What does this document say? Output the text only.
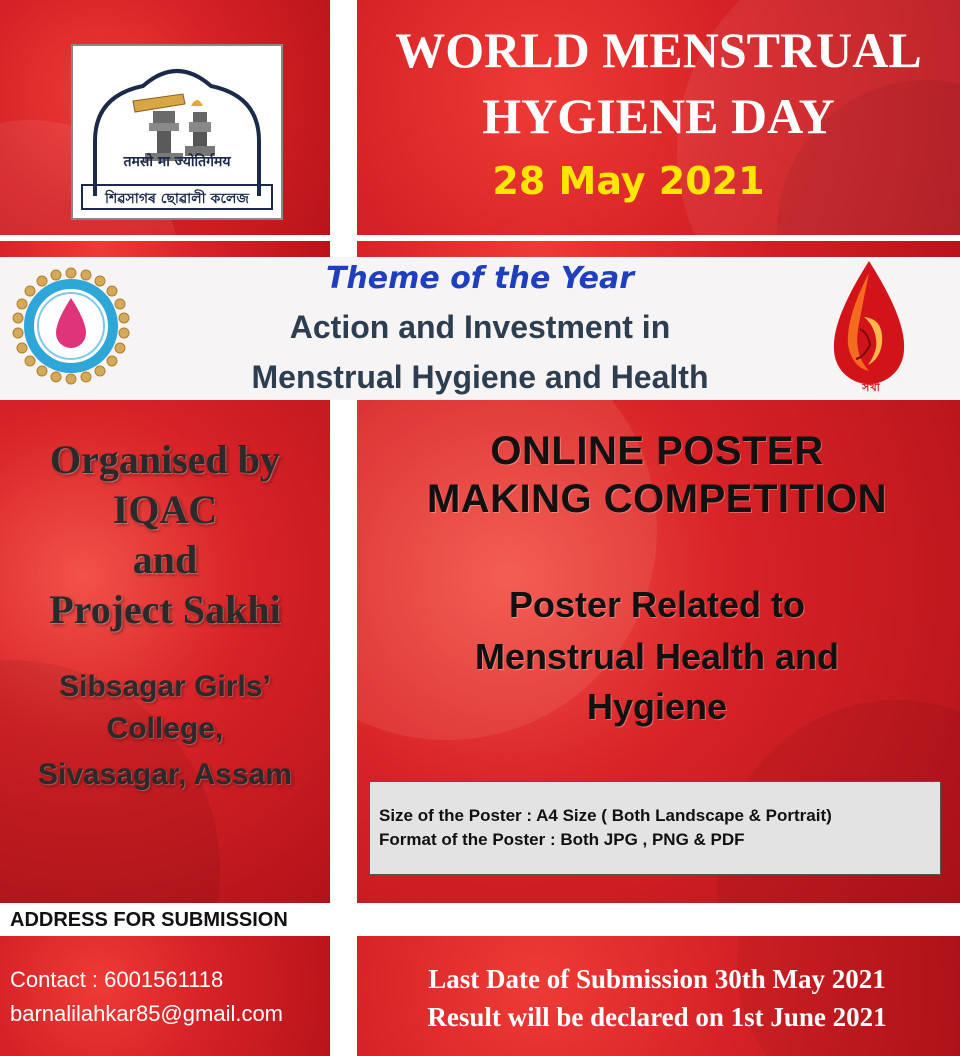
तमसो मा ज्योतिर्गमय
শিৱসাগৰ ছোৱালী কলেজ
WORLD MENSTRUAL
HYGIENE DAY
28 May 2021
Theme of the Year
Action and Investment in
Menstrual Hygiene and Health	সখী
Organised by
IQAC
and
Project Sakhi
Sibsagar Girls’
College,
Sivasagar, Assam
ONLINE POSTER
MAKING COMPETITION
Poster Related to
Menstrual Health and
Hygiene
Size of the Poster : A4 Size ( Both Landscape & Portrait)
Format of the Poster : Both JPG , PNG & PDF
ADDRESS FOR SUBMISSION
Contact : 6001561118
barnalilahkar85@gmail.com
Last Date of Submission 30th May 2021
Result will be declared on 1st June 2021
